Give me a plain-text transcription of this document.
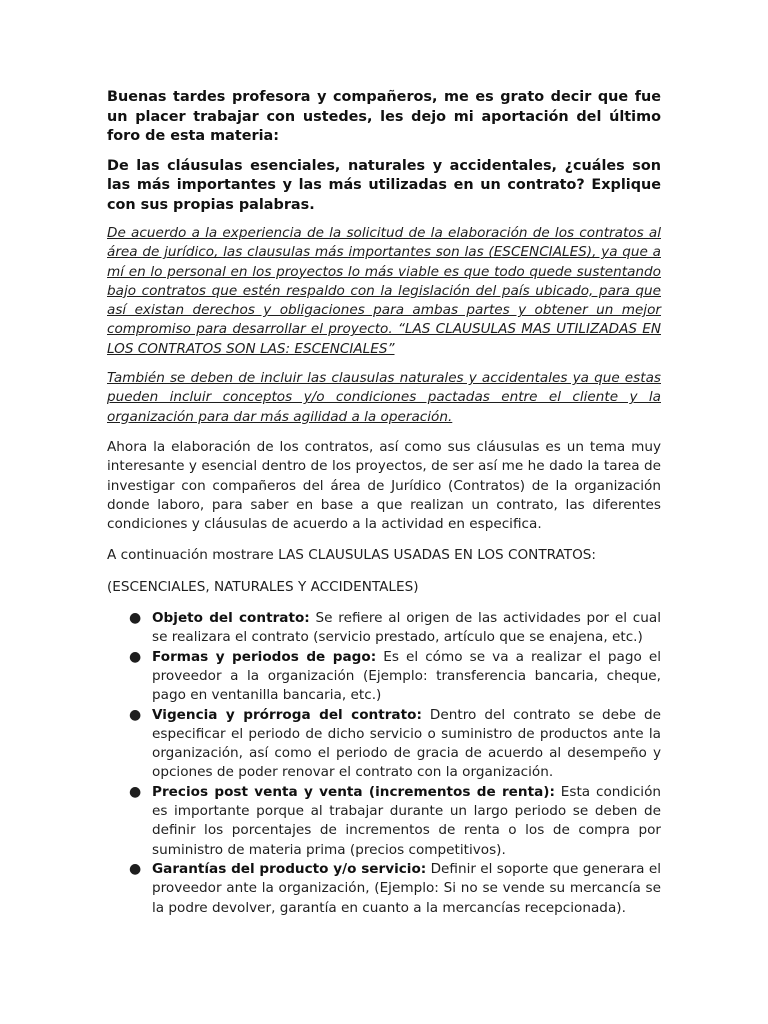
Buenas tardes profesora y compañeros, me es grato decir que fue un placer trabajar con ustedes, les dejo mi aportación del último foro de esta materia:

De las cláusulas esenciales, naturales y accidentales, ¿cuáles son las más importantes y las más utilizadas en un contrato? Explique con sus propias palabras.

De acuerdo a la experiencia de la solicitud de la elaboración de los contratos al área de jurídico, las clausulas más importantes son las (ESCENCIALES), ya que a mí en lo personal en los proyectos lo más viable es que todo quede sustentando bajo contratos que estén respaldo con la legislación del país ubicado, para que así existan derechos y obligaciones para ambas partes y obtener un mejor compromiso para desarrollar el proyecto. “LAS CLAUSULAS MAS UTILIZADAS EN LOS CONTRATOS SON LAS: ESCENCIALES”

También se deben de incluir las clausulas naturales y accidentales ya que estas pueden incluir conceptos y/o condiciones pactadas entre el cliente y la organización para dar más agilidad a la operación.

Ahora la elaboración de los contratos, así como sus cláusulas es un tema muy interesante y esencial dentro de los proyectos, de ser así me he dado la tarea de investigar con compañeros del área de Jurídico (Contratos) de la organización donde laboro, para saber en base a que realizan un contrato, las diferentes condiciones y cláusulas de acuerdo a la actividad en especifica.

A continuación mostrare LAS CLAUSULAS USADAS EN LOS CONTRATOS:

(ESCENCIALES, NATURALES Y ACCIDENTALES)

● Objeto del contrato: Se refiere al origen de las actividades por el cual se realizara el contrato (servicio prestado, artículo que se enajena, etc.)
● Formas y periodos de pago: Es el cómo se va a realizar el pago el proveedor a la organización (Ejemplo: transferencia bancaria, cheque, pago en ventanilla bancaria, etc.)
● Vigencia y prórroga del contrato: Dentro del contrato se debe de especificar el periodo de dicho servicio o suministro de productos ante la organización, así como el periodo de gracia de acuerdo al desempeño y opciones de poder renovar el contrato con la organización.
● Precios post venta y venta (incrementos de renta): Esta condición es importante porque al trabajar durante un largo periodo se deben de definir los porcentajes de incrementos de renta o los de compra por suministro de materia prima (precios competitivos).
● Garantías del producto y/o servicio: Definir el soporte que generara el proveedor ante la organización, (Ejemplo: Si no se vende su mercancía se la podre devolver, garantía en cuanto a la mercancías recepcionada).
